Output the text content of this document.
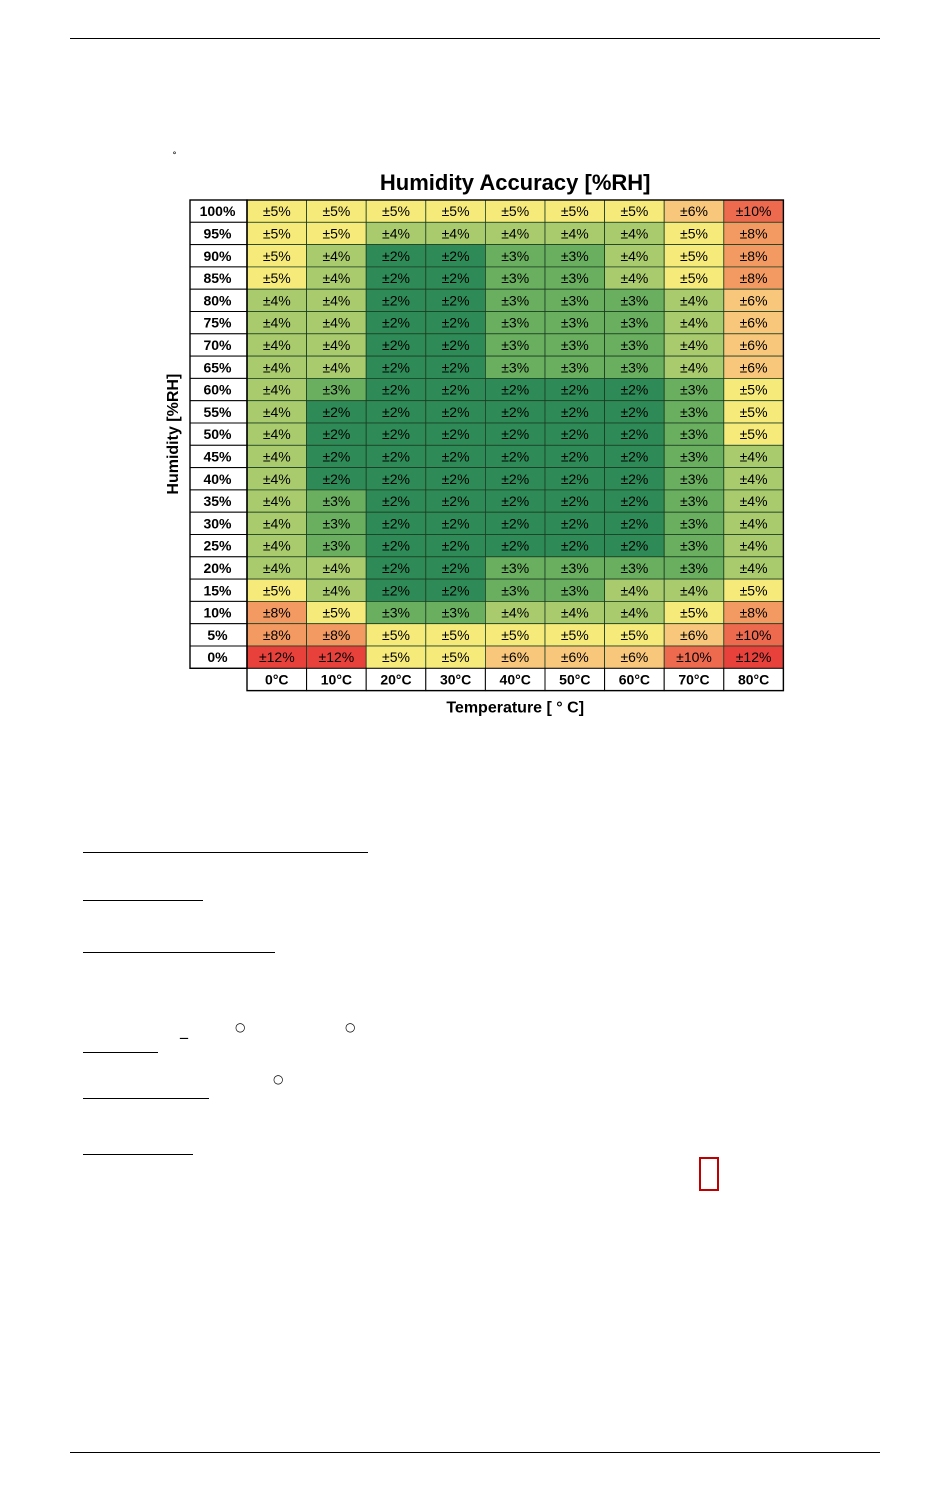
Humidity Accuracy [%RH]
100% ±5% ±5% ±5% ±5% ±5% ±5% ±5% ±6% ±10%
95% ±5% ±5% ±4% ±4% ±4% ±4% ±4% ±5% ±8%
90% ±5% ±4% ±2% ±2% ±3% ±3% ±4% ±5% ±8%
85% ±5% ±4% ±2% ±2% ±3% ±3% ±4% ±5% ±8%
80% ±4% ±4% ±2% ±2% ±3% ±3% ±3% ±4% ±6%
75% ±4% ±4% ±2% ±2% ±3% ±3% ±3% ±4% ±6%
70% ±4% ±4% ±2% ±2% ±3% ±3% ±3% ±4% ±6%
65% ±4% ±4% ±2% ±2% ±3% ±3% ±3% ±4% ±6%
60% ±4% ±3% ±2% ±2% ±2% ±2% ±2% ±3% ±5%
55% ±4% ±2% ±2% ±2% ±2% ±2% ±2% ±3% ±5%
50% ±4% ±2% ±2% ±2% ±2% ±2% ±2% ±3% ±5%
45% ±4% ±2% ±2% ±2% ±2% ±2% ±2% ±3% ±4%
40% ±4% ±2% ±2% ±2% ±2% ±2% ±2% ±3% ±4%
35% ±4% ±3% ±2% ±2% ±2% ±2% ±2% ±3% ±4%
30% ±4% ±3% ±2% ±2% ±2% ±2% ±2% ±3% ±4%
25% ±4% ±3% ±2% ±2% ±2% ±2% ±2% ±3% ±4%
20% ±4% ±4% ±2% ±2% ±3% ±3% ±3% ±3% ±4%
15% ±5% ±4% ±2% ±2% ±3% ±3% ±4% ±4% ±5%
10% ±8% ±5% ±3% ±3% ±4% ±4% ±4% ±5% ±8%
5%	±8% ±8% ±5% ±5% ±5% ±5% ±5% ±6% ±10%
0% ±12% ±12% ±5% ±5% ±6% ±6% ±6% ±10% ±12%
0°C 10°C 20°C 30°C 40°C 50°C 60°C 70°C 80°C
Temperature [ ° C]
Humidity [%RH]
˚
_	○	○
○
